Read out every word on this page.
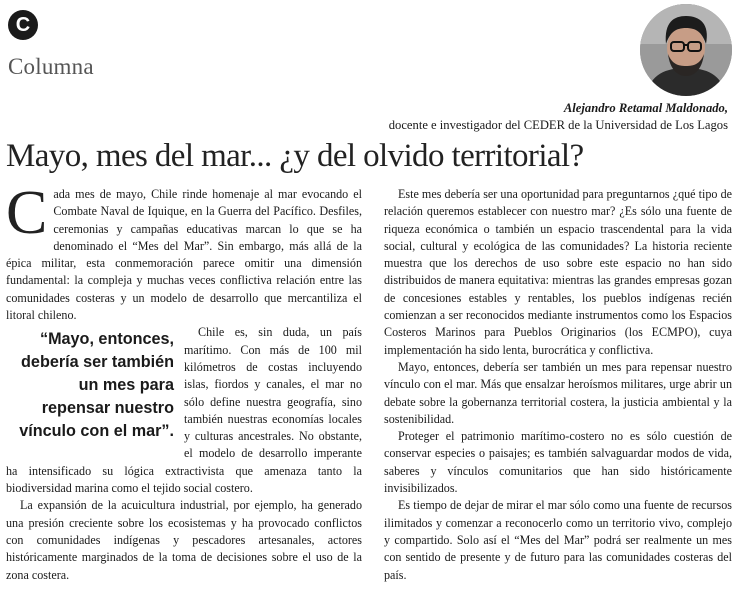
C
Columna
Alejandro Retamal Maldonado,
docente e investigador del CEDER de la Universidad de Los Lagos
Mayo, mes del mar... ¿y del olvido territorial?

Cada mes de mayo, Chile rinde homenaje al mar evocando el Combate Naval de Iquique, en la Guerra del Pacífico. Desfiles, ceremonias y campañas educativas marcan lo que se ha denominado el “Mes del Mar”. Sin embargo, más allá de la épica militar, esta conmemoración parece omitir una dimensión fundamental: la compleja y muchas veces conflictiva relación entre las comunidades costeras y un modelo de desarrollo que mercantiliza el litoral chileno.

“Mayo, entonces, debería ser también un mes para repensar nuestro vínculo con el mar”.

Chile es, sin duda, un país marítimo. Con más de 100 mil kilómetros de costas incluyendo islas, fiordos y canales, el mar no sólo define nuestra geografía, sino también nuestras economías locales y culturas ancestrales. No obstante, el modelo de desarrollo imperante ha intensificado su lógica extractivista que amenaza tanto la biodiversidad marina como el tejido social costero.

La expansión de la acuicultura industrial, por ejemplo, ha generado una presión creciente sobre los ecosistemas y ha provocado conflictos con comunidades indígenas y pescadores artesanales, actores históricamente marginados de la toma de decisiones sobre el uso de la zona costera.

Este mes debería ser una oportunidad para preguntarnos ¿qué tipo de relación queremos establecer con nuestro mar? ¿Es sólo una fuente de riqueza económica o también un espacio trascendental para la vida social, cultural y ecológica de las comunidades? La historia reciente muestra que los derechos de uso sobre este espacio no han sido distribuidos de manera equitativa: mientras las grandes empresas gozan de concesiones estables y rentables, los pueblos indígenas recién comienzan a ser reconocidos mediante instrumentos como los Espacios Costeros Marinos para Pueblos Originarios (los ECMPO), cuya implementación ha sido lenta, burocrática y conflictiva.

Mayo, entonces, debería ser también un mes para repensar nuestro vínculo con el mar. Más que ensalzar heroísmos militares, urge abrir un debate sobre la gobernanza territorial costera, la justicia ambiental y la sostenibilidad.

Proteger el patrimonio marítimo-costero no es sólo cuestión de conservar especies o paisajes; es también salvaguardar modos de vida, saberes y vínculos comunitarios que han sido históricamente invisibilizados.

Es tiempo de dejar de mirar el mar sólo como una fuente de recursos ilimitados y comenzar a reconocerlo como un territorio vivo, complejo y compartido. Solo así el “Mes del Mar” podrá ser realmente un mes con sentido de presente y de futuro para las comunidades costeras del país.
